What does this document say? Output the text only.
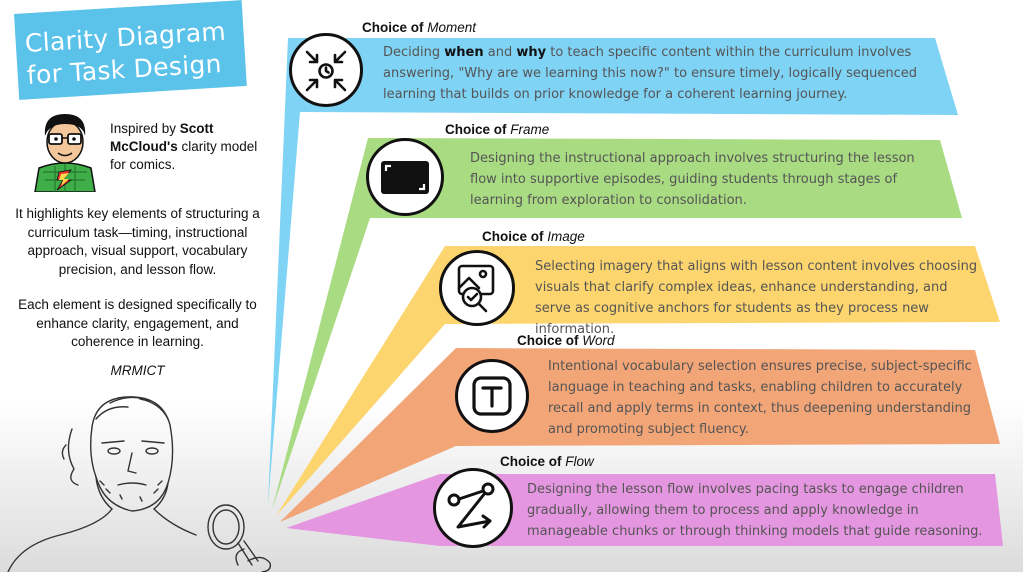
Clarity Diagram
for Task Design
Inspired by Scott McCloud's clarity model for comics.
It highlights key elements of structuring a curriculum task—timing, instructional approach, visual support, vocabulary precision, and lesson flow.
Each element is designed specifically to enhance clarity, engagement, and coherence in learning.
MRMICT
Choice of Moment
Choice of Frame
Choice of Image
Choice of Word
Choice of Flow
Deciding when and why to teach specific content within the curriculum involves answering, "Why are we learning this now?" to ensure timely, logically sequenced learning that builds on prior knowledge for a coherent learning journey.
Designing the instructional approach involves structuring the lesson flow into supportive episodes, guiding students through stages of learning from exploration to consolidation.
Selecting imagery that aligns with lesson content involves choosing visuals that clarify complex ideas, enhance understanding, and serve as cognitive anchors for students as they process new information.
Intentional vocabulary selection ensures precise, subject-specific language in teaching and tasks, enabling children to accurately recall and apply terms in context, thus deepening understanding and promoting subject fluency.
Designing the lesson flow involves pacing tasks to engage children gradually, allowing them to process and apply knowledge in manageable chunks or through thinking models that guide reasoning.
